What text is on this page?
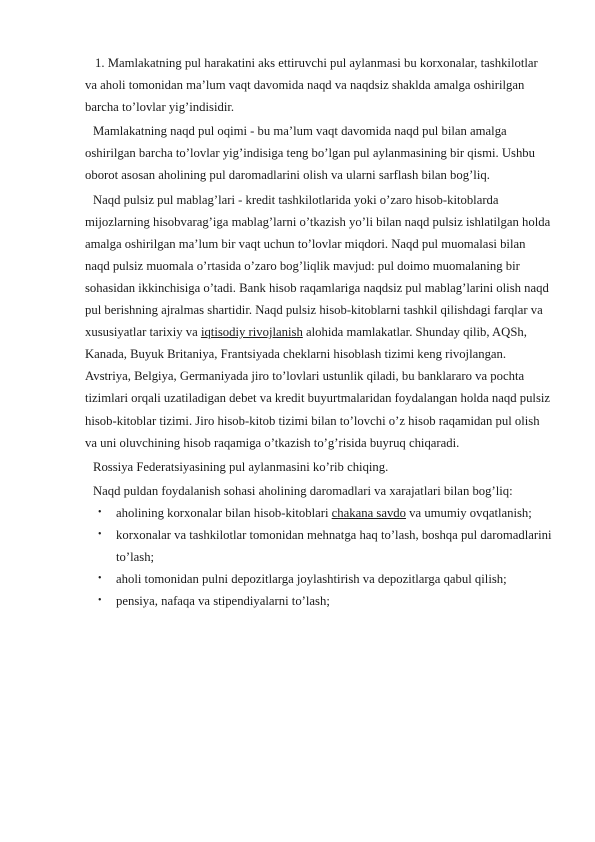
1. Mamlakatning pul harakatini aks ettiruvchi pul aylanmasi bu korxonalar, tashkilotlar va aholi tomonidan ma’lum vaqt davomida naqd va naqdsiz shaklda amalga oshirilgan barcha to’lovlar yig’indisidir.

Mamlakatning naqd pul oqimi - bu ma’lum vaqt davomida naqd pul bilan amalga oshirilgan barcha to’lovlar yig’indisiga teng bo’lgan pul aylanmasining bir qismi. Ushbu oborot asosan aholining pul daromadlarini olish va ularni sarflash bilan bog’liq.

Naqd pulsiz pul mablag’lari - kredit tashkilotlarida yoki o’zaro hisob-kitoblarda mijozlarning hisobvarag’iga mablag’larni o’tkazish yo’li bilan naqd pulsiz ishlatilgan holda amalga oshirilgan ma’lum bir vaqt uchun to’lovlar miqdori. Naqd pul muomalasi bilan naqd pulsiz muomala o’rtasida o’zaro bog’liqlik mavjud: pul doimo muomalaning bir sohasidan ikkinchisiga o’tadi. Bank hisob raqamlariga naqdsiz pul mablag’larini olish naqd pul berishning ajralmas shartidir. Naqd pulsiz hisob-kitoblarni tashkil qilishdagi farqlar va xususiyatlar tarixiy va iqtisodiy rivojlanish alohida mamlakatlar. Shunday qilib, AQSh, Kanada, Buyuk Britaniya, Frantsiyada cheklarni hisoblash tizimi keng rivojlangan. Avstriya, Belgiya, Germaniyada jiro to’lovlari ustunlik qiladi, bu banklararo va pochta tizimlari orqali uzatiladigan debet va kredit buyurtmalaridan foydalangan holda naqd pulsiz hisob-kitoblar tizimi. Jiro hisob-kitob tizimi bilan to’lovchi o’z hisob raqamidan pul olish va uni oluvchining hisob raqamiga o’tkazish to’g’risida buyruq chiqaradi.

Rossiya Federatsiyasining pul aylanmasini ko’rib chiqing.

Naqd puldan foydalanish sohasi aholining daromadlari va xarajatlari bilan bog’liq:

• aholining korxonalar bilan hisob-kitoblari chakana savdo va umumiy ovqatlanish;
• korxonalar va tashkilotlar tomonidan mehnatga haq to’lash, boshqa pul daromadlarini to’lash;
• aholi tomonidan pulni depozitlarga joylashtirish va depozitlarga qabul qilish;
• pensiya, nafaqa va stipendiyalarni to’lash;
